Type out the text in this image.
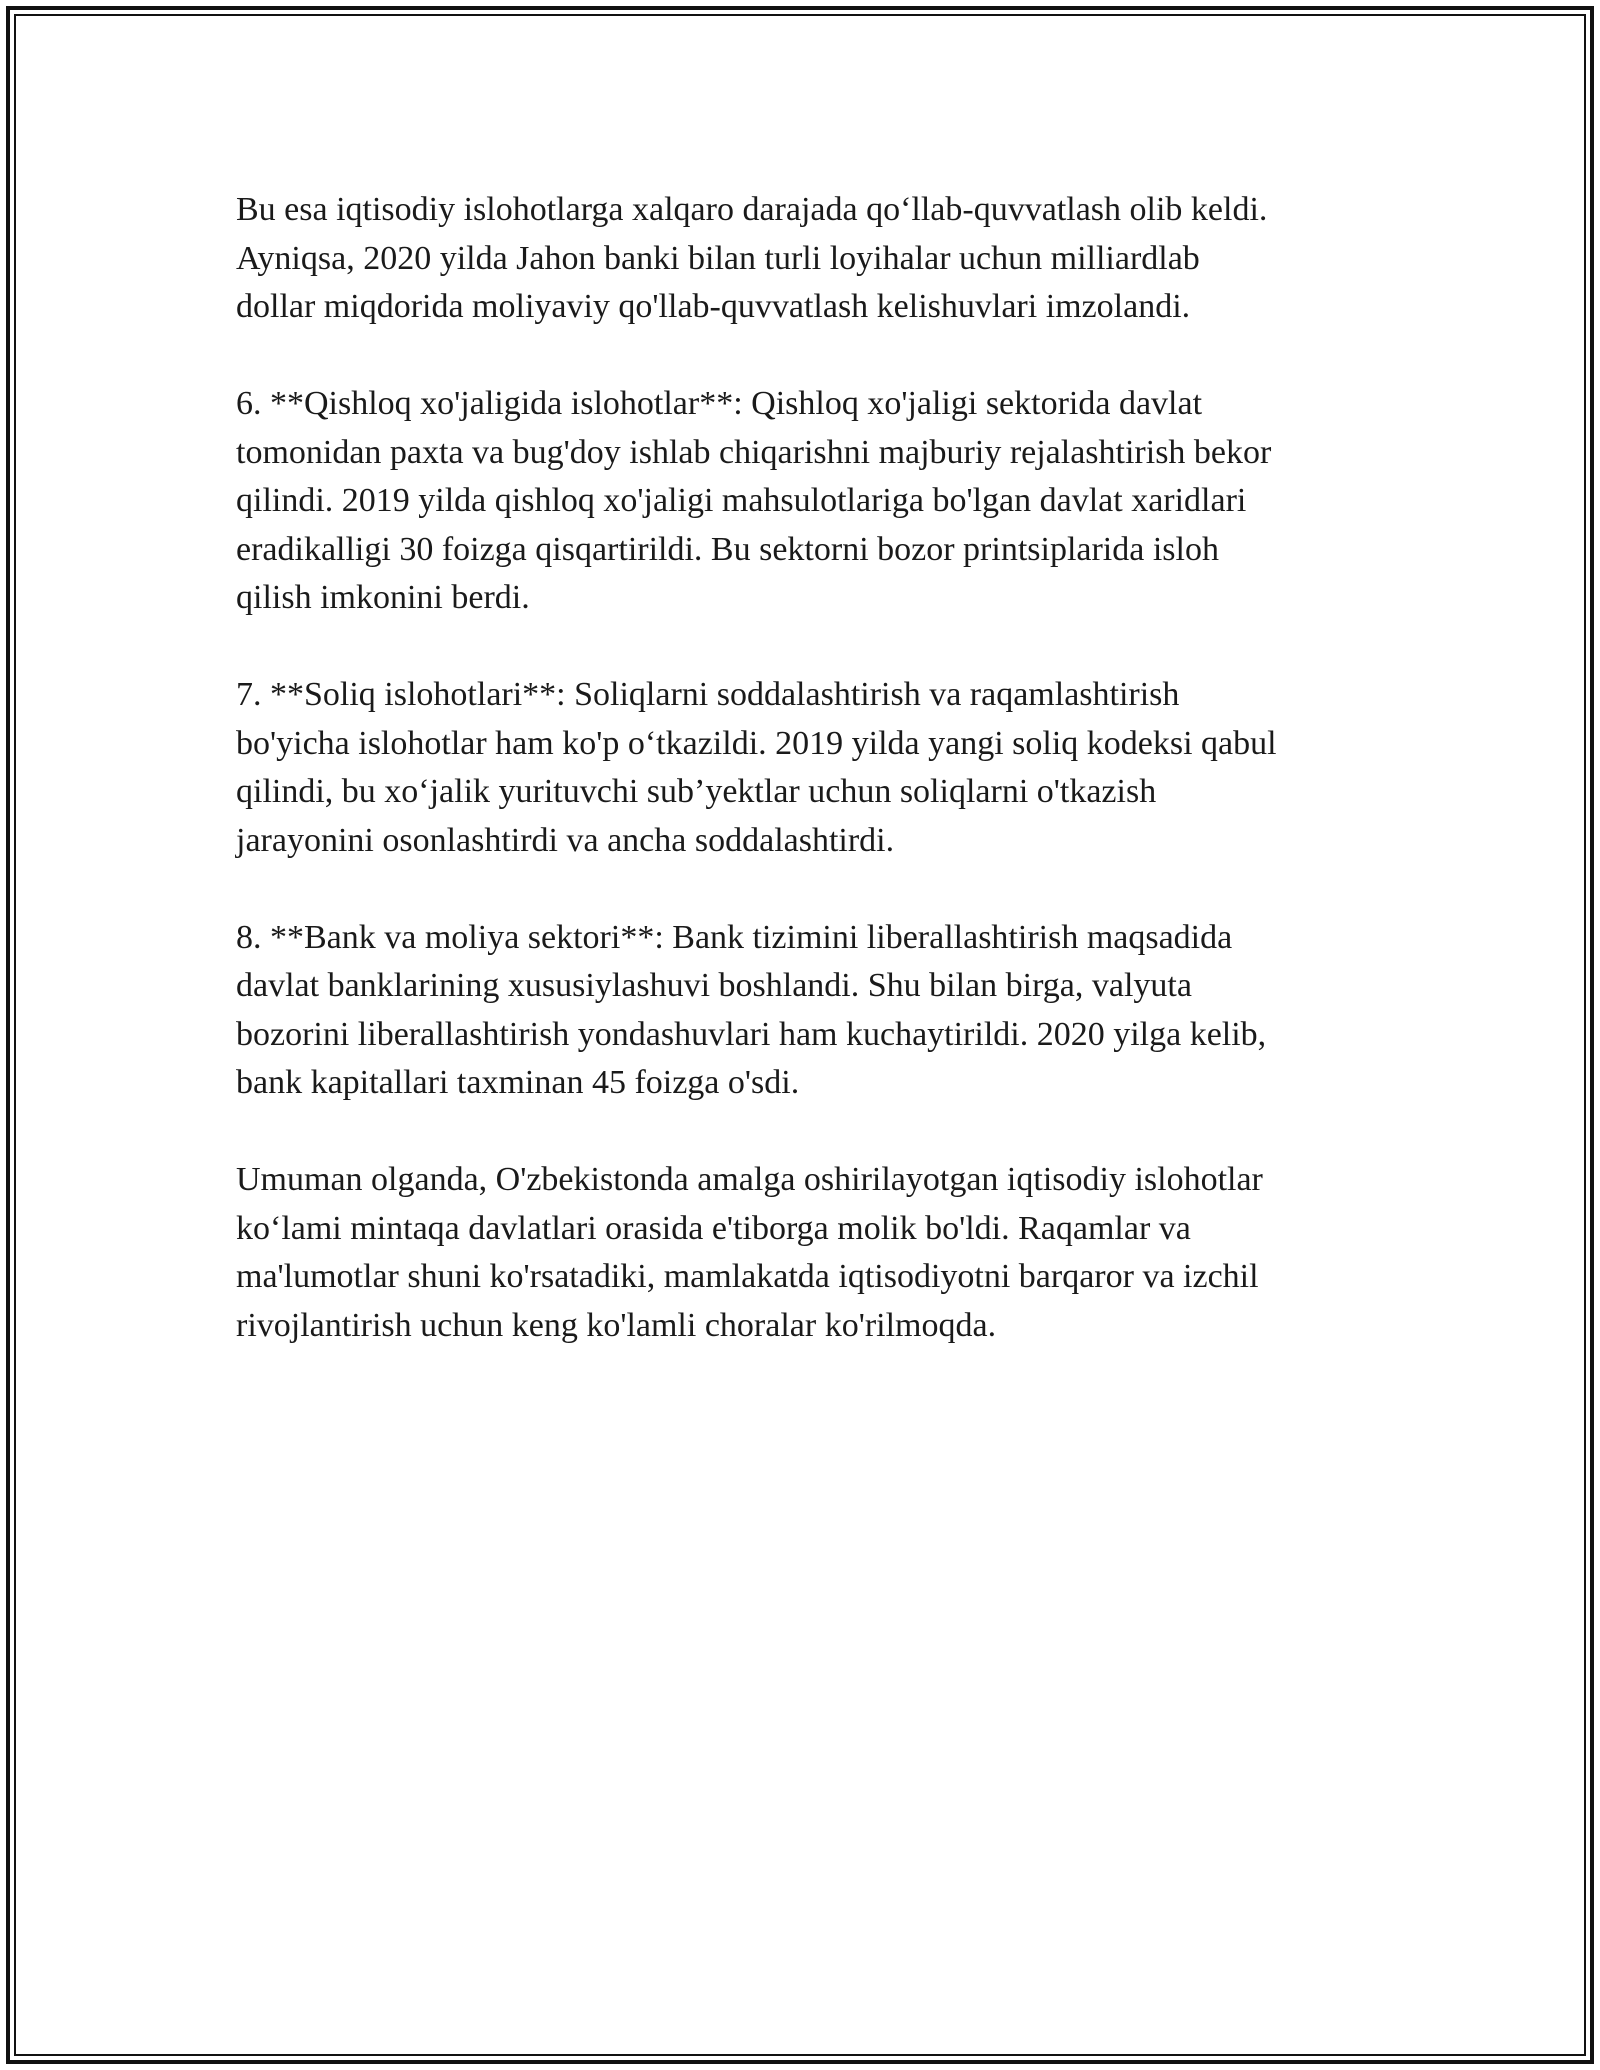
Bu esa iqtisodiy islohotlarga xalqaro darajada qo‘llab-quvvatlash olib keldi.
Ayniqsa, 2020 yilda Jahon banki bilan turli loyihalar uchun milliardlab
dollar miqdorida moliyaviy qo'llab-quvvatlash kelishuvlari imzolandi.

6. **Qishloq xo'jaligida islohotlar**: Qishloq xo'jaligi sektorida davlat
tomonidan paxta va bug'doy ishlab chiqarishni majburiy rejalashtirish bekor
qilindi. 2019 yilda qishloq xo'jaligi mahsulotlariga bo'lgan davlat xaridlari
eradikalligi 30 foizga qisqartirildi. Bu sektorni bozor printsiplarida isloh
qilish imkonini berdi.

7. **Soliq islohotlari**: Soliqlarni soddalashtirish va raqamlashtirish
bo'yicha islohotlar ham ko'p o‘tkazildi. 2019 yilda yangi soliq kodeksi qabul
qilindi, bu xo‘jalik yurituvchi sub’yektlar uchun soliqlarni o'tkazish
jarayonini osonlashtirdi va ancha soddalashtirdi.

8. **Bank va moliya sektori**: Bank tizimini liberallashtirish maqsadida
davlat banklarining xususiylashuvi boshlandi. Shu bilan birga, valyuta
bozorini liberallashtirish yondashuvlari ham kuchaytirildi. 2020 yilga kelib,
bank kapitallari taxminan 45 foizga o'sdi.

Umuman olganda, O'zbekistonda amalga oshirilayotgan iqtisodiy islohotlar
ko‘lami mintaqa davlatlari orasida e'tiborga molik bo'ldi. Raqamlar va
ma'lumotlar shuni ko'rsatadiki, mamlakatda iqtisodiyotni barqaror va izchil
rivojlantirish uchun keng ko'lamli choralar ko'rilmoqda.
